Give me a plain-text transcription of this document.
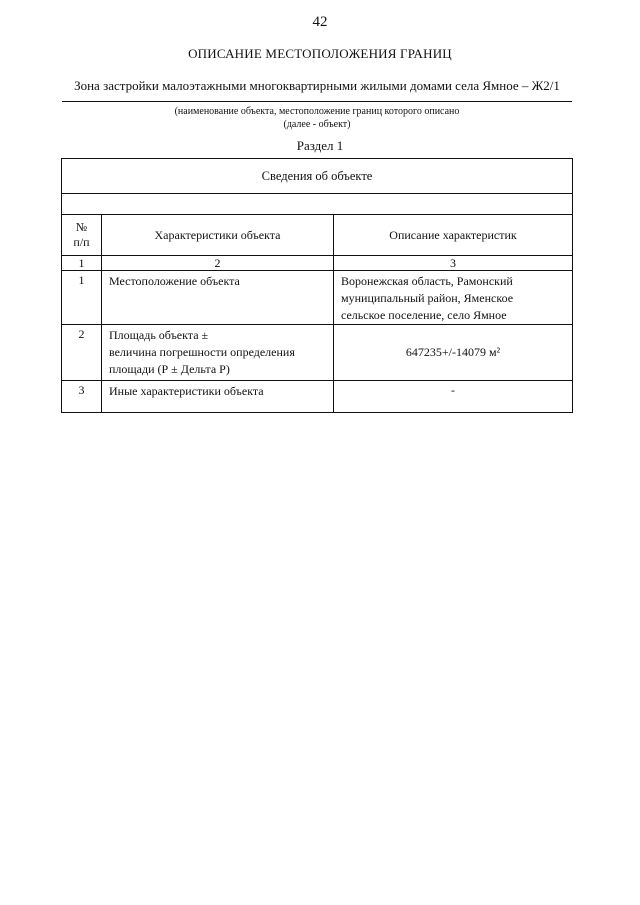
42
ОПИСАНИЕ МЕСТОПОЛОЖЕНИЯ ГРАНИЦ
Зона застройки малоэтажными многоквартирными жилыми домами села Ямное – Ж2/1
(наименование объекта, местоположение границ которого описано
(далее - объект)
Раздел 1
Сведения об объекте		

№
п/п	Характеристики объекта	Описание характеристик
1	2	3
1	Местоположение объекта	Воронежская область, Рамонский
муниципальный район, Яменское
сельское поселение, село Ямное

2	Площадь объекта ±
величина погрешности определения
площади (Р ± Дельта Р)	647235+/-14079 м²
3	Иные характеристики объекта	-
